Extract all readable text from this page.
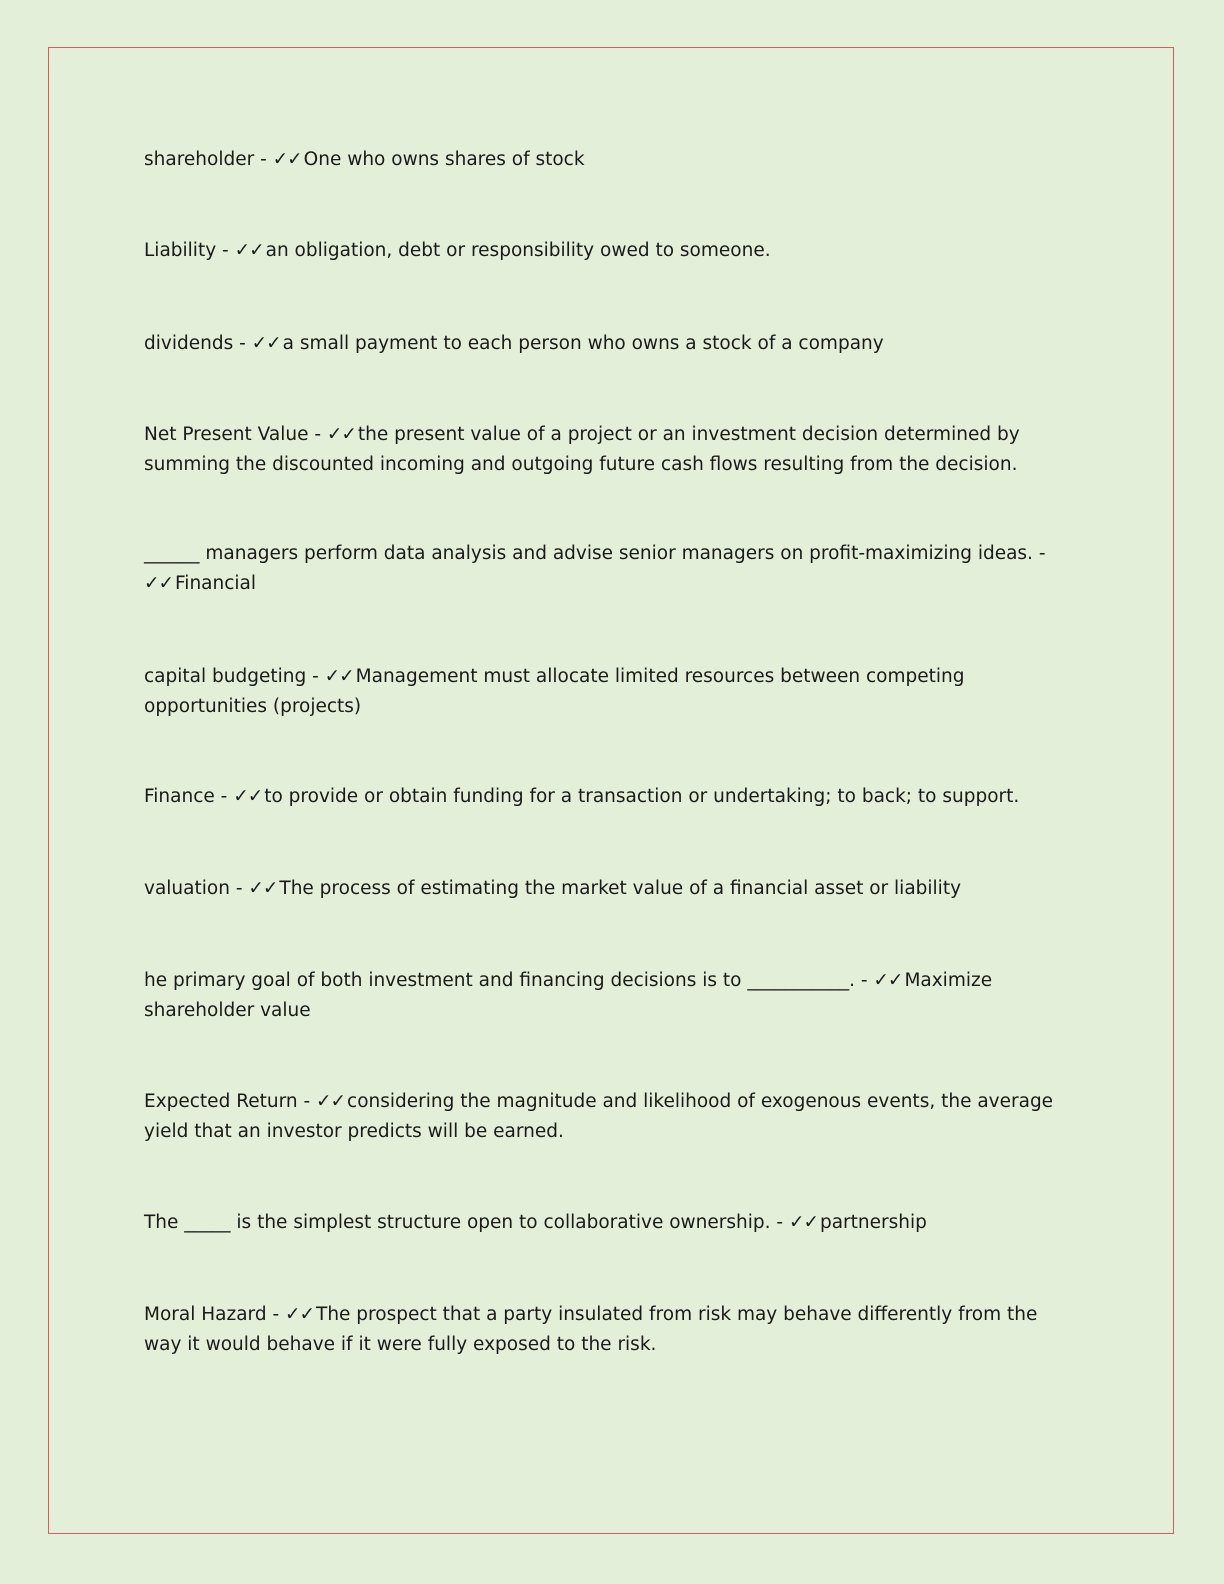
shareholder - ✓✓ One who owns shares of stock
Liability - ✓✓ an obligation, debt or responsibility owed to someone.
dividends - ✓✓ a small payment to each person who owns a stock of a company
Net Present Value - ✓✓ the present value of a project or an investment decision determined by summing the discounted incoming and outgoing future cash flows resulting from the decision.
______ managers perform data analysis and advise senior managers on profit-maximizing ideas. - ✓✓ Financial
capital budgeting - ✓✓ Management must allocate limited resources between competing opportunities (projects)
Finance - ✓✓ to provide or obtain funding for a transaction or undertaking; to back; to support.
valuation - ✓✓ The process of estimating the market value of a financial asset or liability
he primary goal of both investment and financing decisions is to ___________. - ✓✓ Maximize shareholder value
Expected Return - ✓✓ considering the magnitude and likelihood of exogenous events, the average yield that an investor predicts will be earned.
The _____ is the simplest structure open to collaborative ownership. - ✓✓ partnership
Moral Hazard - ✓✓ The prospect that a party insulated from risk may behave differently from the way it would behave if it were fully exposed to the risk.
